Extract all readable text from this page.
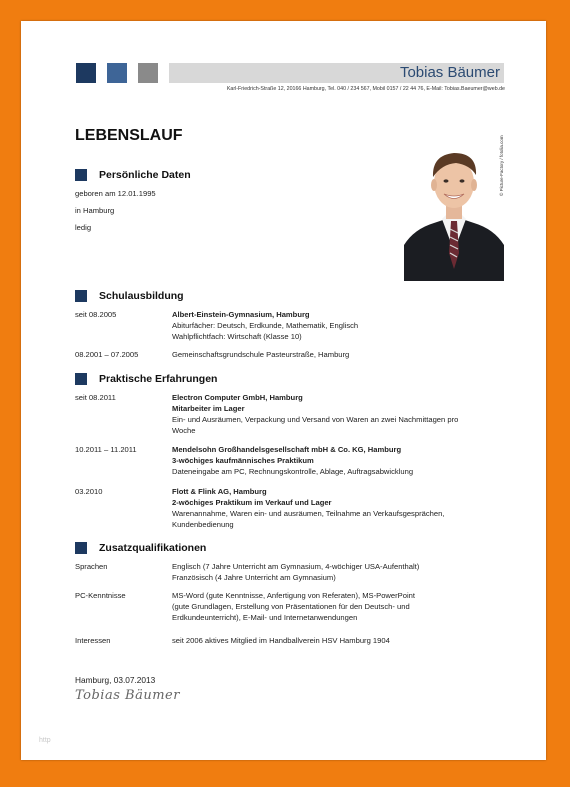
Tobias Bäumer
Karl-Friedrich-Straße 12, 20166 Hamburg, Tel. 040 / 234 567, Mobil 0157 / 22 44 76, E-Mail: Tobias.Baeumer@web.de
LEBENSLAUF	© Picture-Factory / fotolia.com
Persönliche Daten
geboren am 12.01.1995
in Hamburg
ledig
Schulausbildung
seit 08.2005	Albert-Einstein-Gymnasium, Hamburg
Abiturfächer: Deutsch, Erdkunde, Mathematik, Englisch
Wahlpflichtfach: Wirtschaft (Klasse 10)
08.2001 – 07.2005	Gemeinschaftsgrundschule Pasteurstraße, Hamburg
Praktische Erfahrungen
seit 08.2011	Electron Computer GmbH, Hamburg
Mitarbeiter im Lager
Ein- und Ausräumen, Verpackung und Versand von Waren an zwei Nachmittagen pro
Woche
10.2011 – 11.2011	Mendelsohn Großhandelsgesellschaft mbH & Co. KG, Hamburg
3-wöchiges kaufmännisches Praktikum
Dateneingabe am PC, Rechnungskontrolle, Ablage, Auftragsabwicklung
03.2010	Flott & Flink AG, Hamburg
2-wöchiges Praktikum im Verkauf und Lager
Warenannahme, Waren ein- und ausräumen, Teilnahme an Verkaufsgesprächen,
Kundenbedienung
Zusatzqualifikationen
Sprachen	Englisch (7 Jahre Unterricht am Gymnasium, 4-wöchiger USA-Aufenthalt)
Französisch (4 Jahre Unterricht am Gymnasium)
PC-Kenntnisse	MS-Word (gute Kenntnisse, Anfertigung von Referaten), MS-PowerPoint
(gute Grundlagen, Erstellung von Präsentationen für den Deutsch- und
Erdkundeunterricht), E-Mail- und Internetanwendungen
Interessen	seit 2006 aktives Mitglied im Handballverein HSV Hamburg 1904
Hamburg, 03.07.2013
Tobias Bäumer
http
